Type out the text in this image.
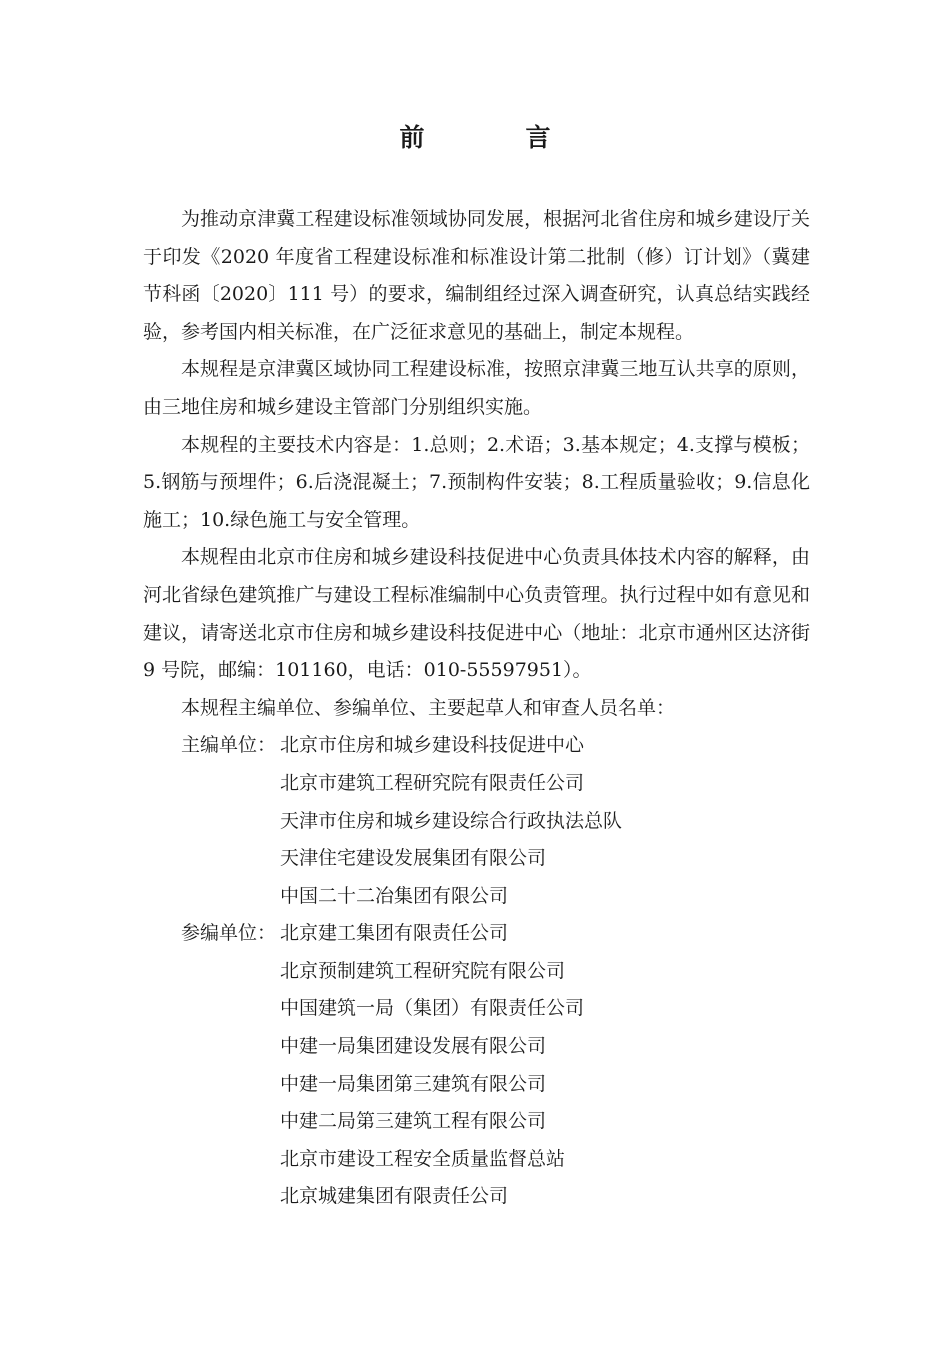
前　言

为推动京津冀工程建设标准领域协同发展，根据河北省住房和城乡建设厅关于印发《2020 年度省工程建设标准和标准设计第二批制（修）订计划》（冀建节科函〔2020〕111 号）的要求，编制组经过深入调查研究，认真总结实践经验，参考国内相关标准，在广泛征求意见的基础上，制定本规程。

本规程是京津冀区域协同工程建设标准，按照京津冀三地互认共享的原则，由三地住房和城乡建设主管部门分别组织实施。

本规程的主要技术内容是：1.总则；2.术语；3.基本规定；4.支撑与模板；5.钢筋与预埋件；6.后浇混凝土；7.预制构件安装；8.工程质量验收；9.信息化施工；10.绿色施工与安全管理。

本规程由北京市住房和城乡建设科技促进中心负责具体技术内容的解释，由河北省绿色建筑推广与建设工程标准编制中心负责管理。执行过程中如有意见和建议，请寄送北京市住房和城乡建设科技促进中心（地址：北京市通州区达济街 9 号院，邮编：101160，电话：010-55597951）。

本规程主编单位、参编单位、主要起草人和审查人员名单：

主编单位： 北京市住房和城乡建设科技促进中心
北京市建筑工程研究院有限责任公司
天津市住房和城乡建设综合行政执法总队
天津住宅建设发展集团有限公司
中国二十二冶集团有限公司
参编单位： 北京建工集团有限责任公司
北京预制建筑工程研究院有限公司
中国建筑一局（集团）有限责任公司
中建一局集团建设发展有限公司
中建一局集团第三建筑有限公司
中建二局第三建筑工程有限公司
北京市建设工程安全质量监督总站
北京城建集团有限责任公司
